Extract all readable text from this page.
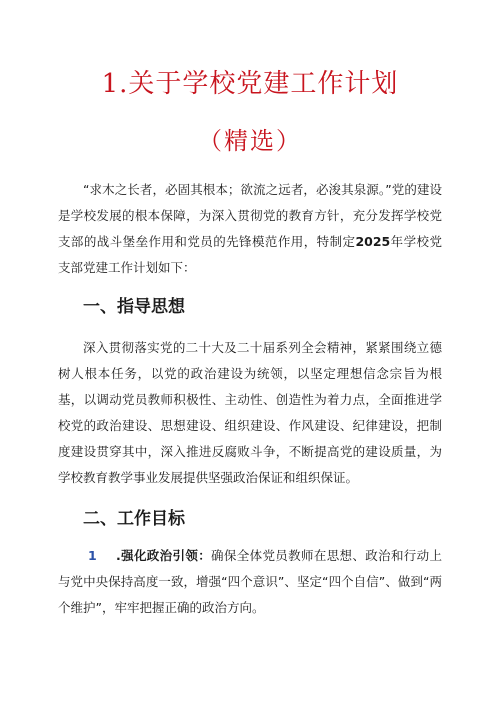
1.关于学校党建工作计划
（精选）

“求木之长者，必固其根本；欲流之远者，必浚其泉源。”党的建设是学校发展的根本保障，为深入贯彻党的教育方针，充分发挥学校党支部的战斗堡垒作用和党员的先锋模范作用，特制定2025年学校党支部党建工作计划如下：

一、指导思想

深入贯彻落实党的二十大及二十届系列全会精神，紧紧围绕立德树人根本任务，以党的政治建设为统领，以坚定理想信念宗旨为根基，以调动党员教师积极性、主动性、创造性为着力点，全面推进学校党的政治建设、思想建设、组织建设、作风建设、纪律建设，把制度建设贯穿其中，深入推进反腐败斗争，不断提高党的建设质量，为学校教育教学事业发展提供坚强政治保证和组织保证。

二、工作目标

1 .强化政治引领：确保全体党员教师在思想、政治和行动上与党中央保持高度一致，增强“四个意识”、坚定“四个自信”、做到“两个维护”，牢牢把握正确的政治方向。
